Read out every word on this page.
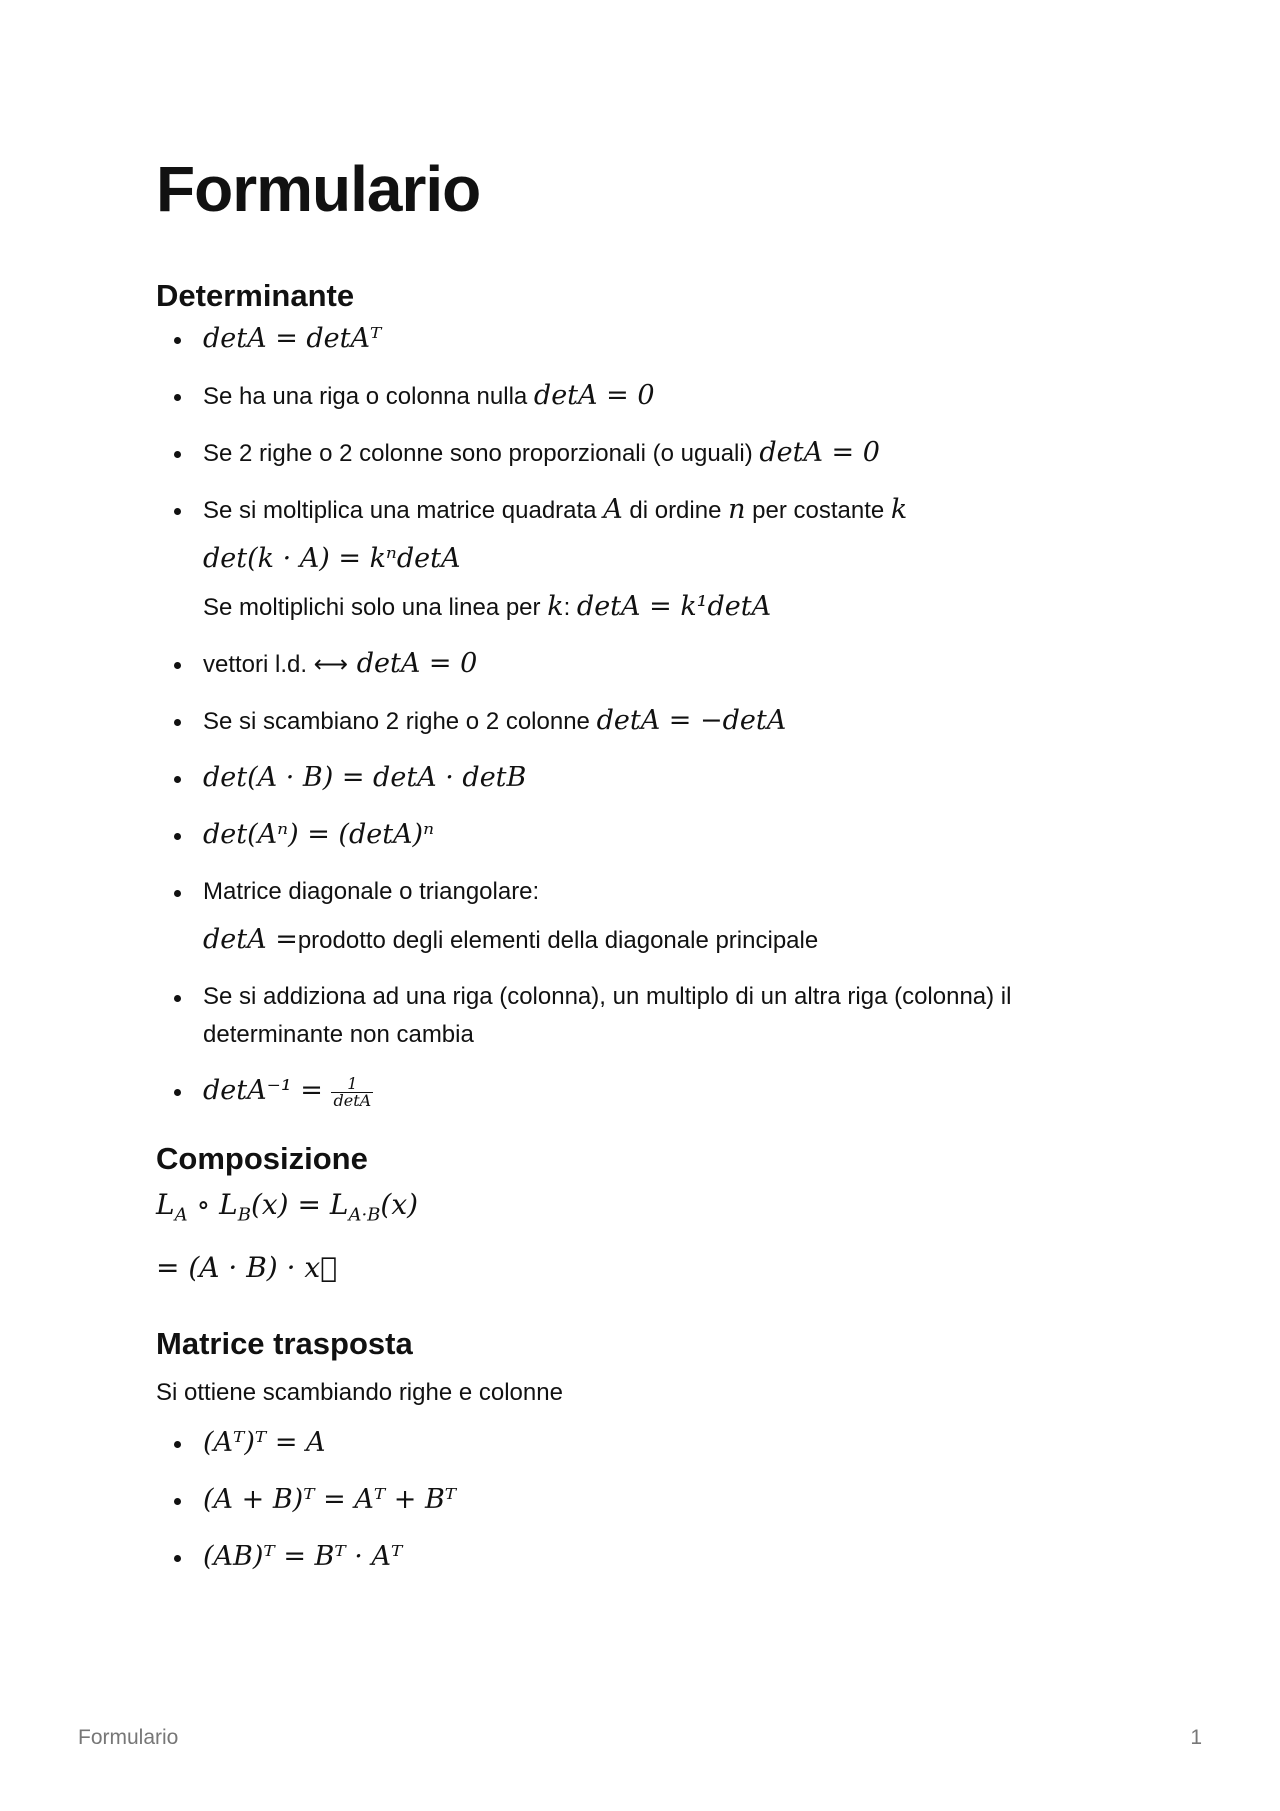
Formulario
Determinante
detA = detAᵀ
Se ha una riga o colonna nulla detA = 0
Se 2 righe o 2 colonne sono proporzionali (o uguali) detA = 0
Se si moltiplica una matrice quadrata A di ordine n per costante k
det(k · A) = kⁿdetA
Se moltiplichi solo una linea per k: detA = k¹detA
vettori l.d. ⟷ detA = 0
Se si scambiano 2 righe o 2 colonne detA = −detA
det(A · B) = detA · detB
det(Aⁿ) = (detA)ⁿ
Matrice diagonale o triangolare:
detA =prodotto degli elementi della diagonale principale
Se si addiziona ad una riga (colonna), un multiplo di un altra riga (colonna) il determinante non cambia
$\det A^{-1} = \frac{1}{\det A}$
Composizione
$L_A$ ∘ $L_B(x) = L_{A\cdot B}(x)$
= (A · B) · x⃗
Matrice trasposta
Si ottiene scambiando righe e colonne
(Aᵀ)ᵀ = A
(A + B)ᵀ = Aᵀ + Bᵀ
(AB)ᵀ = Bᵀ · Aᵀ
Formulario	1
